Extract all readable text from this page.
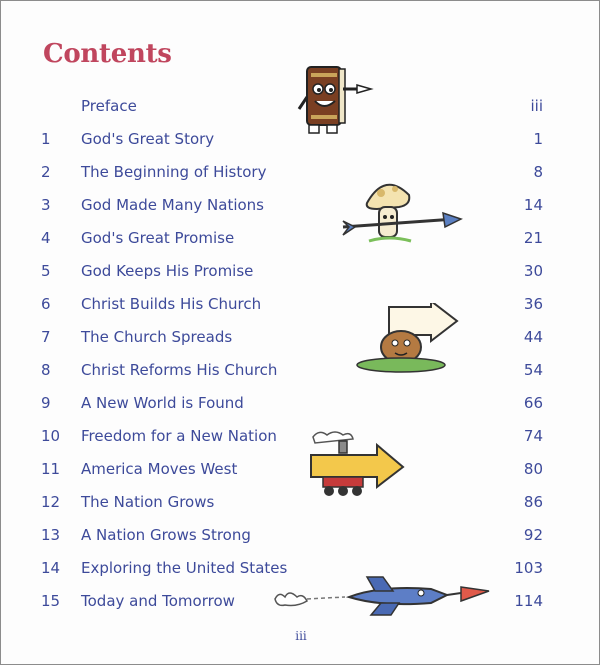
Contents
Preface	iii
1	God's Great Story	1
2	The Beginning of History	8
3	God Made Many Nations	14
4	God's Great Promise	21
5	God Keeps His Promise	30
6	Christ Builds His Church	36
7	The Church Spreads	44
8	Christ Reforms His Church	54
9	A New World is Found	66
10	Freedom for a New Nation	74
11	America Moves West	80
12	The Nation Grows	86
13	A Nation Grows Strong	92
14	Exploring the United States	103
15	Today and Tomorrow	114
iii
